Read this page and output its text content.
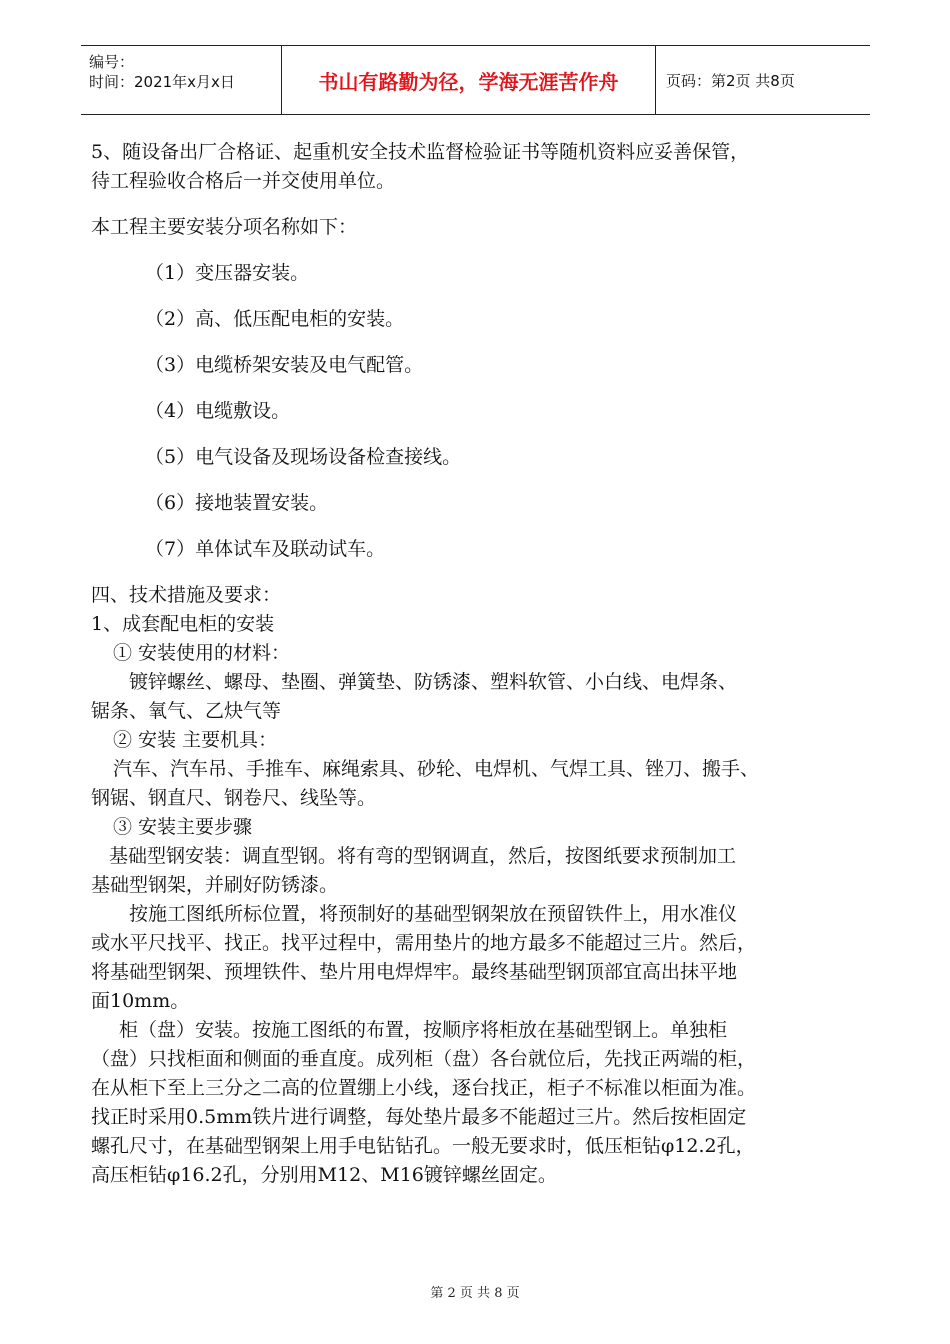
编号：
时间：2021年x月x日	书山有路勤为径，学海无涯苦作舟	页码：第2页 共8页

5、随设备出厂合格证、起重机安全技术监督检验证书等随机资料应妥善保管，

待工程验收合格后一并交使用单位。

本工程主要安装分项名称如下：

（1）变压器安装。

（2）高、低压配电柜的安装。

（3）电缆桥架安装及电气配管。

（4）电缆敷设。

（5）电气设备及现场设备检查接线。

（6）接地装置安装。

（7）单体试车及联动试车。

四、技术措施及要求：

1、成套配电柜的安装

① 安装使用的材料：

镀锌螺丝、螺母、垫圈、弹簧垫、防锈漆、塑料软管、小白线、电焊条、

锯条、氧气、乙炔气等

② 安装 主要机具：

汽车、汽车吊、手推车、麻绳索具、砂轮、电焊机、气焊工具、锉刀、搬手、

钢锯、钢直尺、钢卷尺、线坠等。

③ 安装主要步骤

基础型钢安装：调直型钢。将有弯的型钢调直，然后，按图纸要求预制加工

基础型钢架，并刷好防锈漆。

按施工图纸所标位置，将预制好的基础型钢架放在预留铁件上，用水准仪

或水平尺找平、找正。找平过程中，需用垫片的地方最多不能超过三片。然后，

将基础型钢架、预埋铁件、垫片用电焊焊牢。最终基础型钢顶部宜高出抹平地

面10mm。

柜（盘）安装。按施工图纸的布置，按顺序将柜放在基础型钢上。单独柜

（盘）只找柜面和侧面的垂直度。成列柜（盘）各台就位后，先找正两端的柜，

在从柜下至上三分之二高的位置绷上小线，逐台找正，柜子不标准以柜面为准。

找正时采用0.5mm铁片进行调整，每处垫片最多不能超过三片。然后按柜固定

螺孔尺寸，在基础型钢架上用手电钻钻孔。一般无要求时，低压柜钻φ12.2孔，

高压柜钻φ16.2孔，分别用M12、M16镀锌螺丝固定。

第 2 页 共 8 页
